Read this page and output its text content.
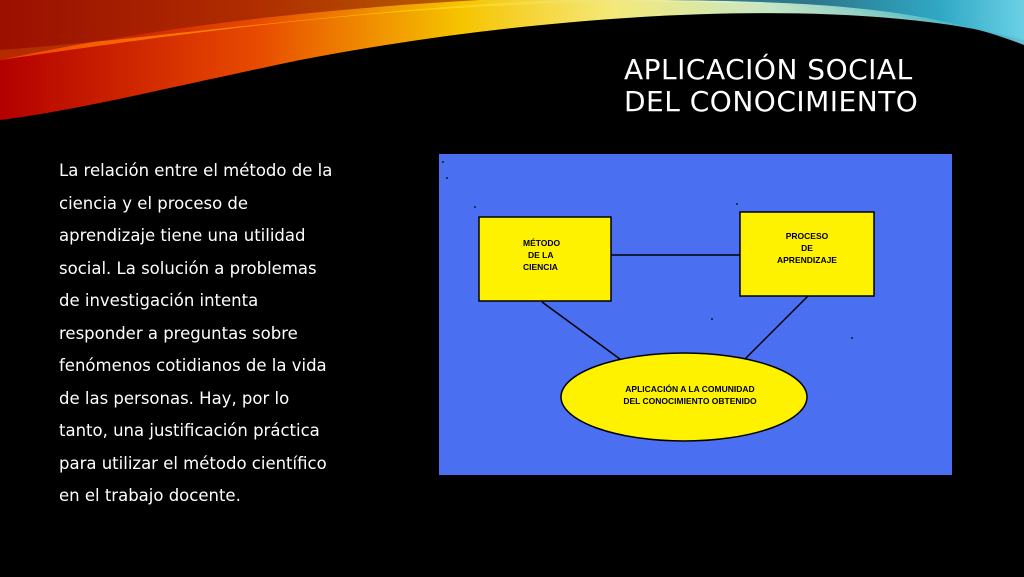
APLICACIÓN SOCIAL
DEL CONOCIMIENTO
La relación entre el método de la
ciencia y el proceso de
aprendizaje tiene una utilidad
social. La solución a problemas
de investigación intenta
responder a preguntas sobre
fenómenos cotidianos de la vida
de las personas. Hay, por lo
tanto, una justificación práctica
para utilizar el método científico
en el trabajo docente.
MÉTODO
DE LA
CIENCIA
PROCESO
DE
APRENDIZAJE
APLICACIÓN A LA COMUNIDAD
DEL CONOCIMIENTO OBTENIDO
